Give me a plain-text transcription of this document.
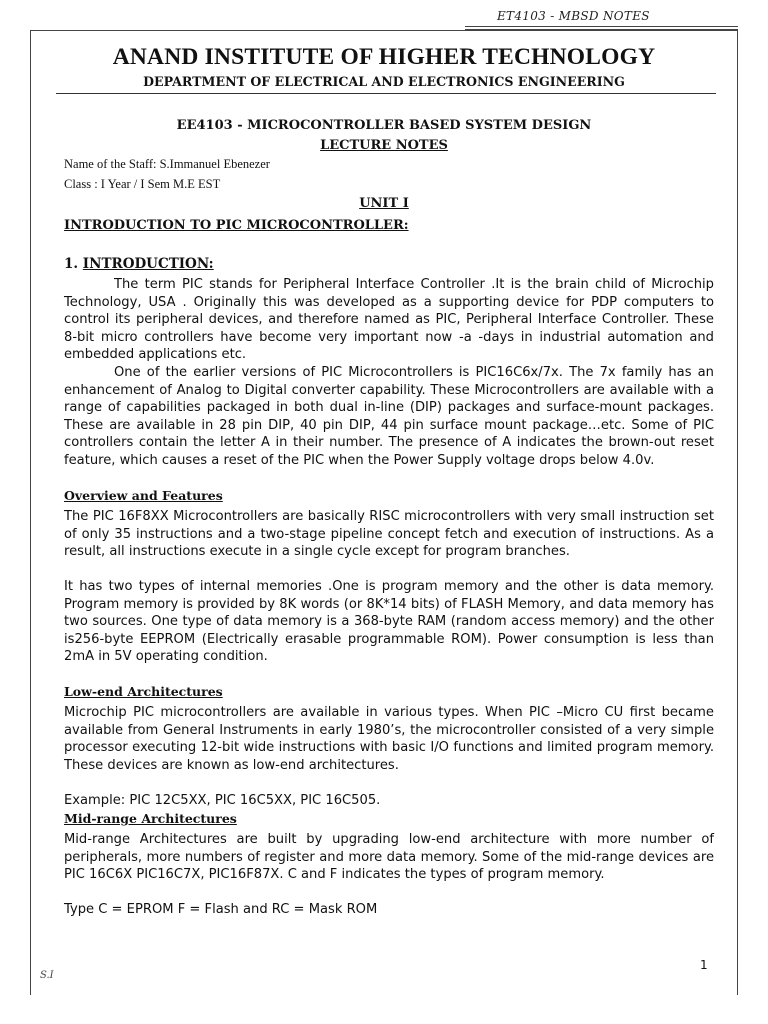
ET4103 - MBSD NOTES
ANAND INSTITUTE OF HIGHER TECHNOLOGY
DEPARTMENT OF ELECTRICAL AND ELECTRONICS ENGINEERING
EE4103 - MICROCONTROLLER BASED SYSTEM DESIGN
LECTURE NOTES
Name of the Staff: S.Immanuel Ebenezer
Class : I Year / I Sem M.E EST
UNIT I
INTRODUCTION TO PIC MICROCONTROLLER:
1. INTRODUCTION:

The term PIC stands for Peripheral Interface Controller .It is the brain child of Microchip Technology, USA . Originally this was developed as a supporting device for PDP computers to control its peripheral devices, and therefore named as PIC, Peripheral Interface Controller. These 8-bit micro controllers have become very important now -a -days in industrial automation and embedded applications etc.

One of the earlier versions of PIC Microcontrollers is PIC16C6x/7x. The 7x family has an enhancement of Analog to Digital converter capability. These Microcontrollers are available with a range of capabilities packaged in both dual in-line (DIP) packages and surface-mount packages. These are available in 28 pin DIP, 40 pin DIP, 44 pin surface mount package…etc. Some of PIC controllers contain the letter A in their number. The presence of A indicates the brown-out reset feature, which causes a reset of the PIC when the Power Supply voltage drops below 4.0v.

Overview and Features

The PIC 16F8XX Microcontrollers are basically RISC microcontrollers with very small instruction set of only 35 instructions and a two-stage pipeline concept fetch and execution of instructions. As a result, all instructions execute in a single cycle except for program branches.

It has two types of internal memories .One is program memory and the other is data memory. Program memory is provided by 8K words (or 8K*14 bits) of FLASH Memory, and data memory has two sources. One type of data memory is a 368-byte RAM (random access memory) and the other is256-byte EEPROM (Electrically erasable programmable ROM). Power consumption is less than 2mA in 5V operating condition.

Low-end Architectures

Microchip PIC microcontrollers are available in various types. When PIC –Micro CU first became available from General Instruments in early 1980’s, the microcontroller consisted of a very simple processor executing 12-bit wide instructions with basic I/O functions and limited program memory. These devices are known as low-end architectures.

Example: PIC 12C5XX, PIC 16C5XX, PIC 16C505.

Mid-range Architectures

Mid-range Architectures are built by upgrading low-end architecture with more number of peripherals, more numbers of register and more data memory. Some of the mid-range devices are PIC 16C6X PIC16C7X, PIC16F87X. C and F indicates the types of program memory.

Type C = EPROM F = Flash and RC = Mask ROM

1
S.I
